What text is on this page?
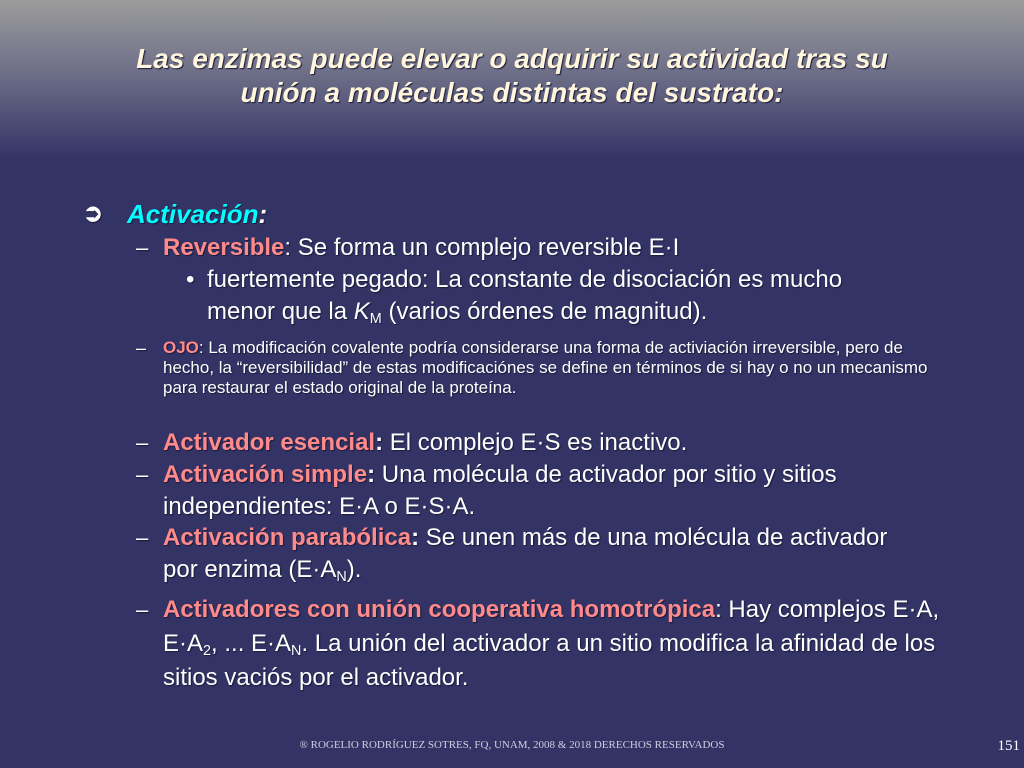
Las enzimas puede elevar o adquirir su actividad tras su
unión a moléculas distintas del sustrato:
➲ Activación:
– Reversible: Se forma un complejo reversible E·I
• fuertemente pegado: La constante de disociación es mucho menor que la $K_M$ (varios órdenes de magnitud).
– OJO: La modificación covalente podría considerarse una forma de activiación irreversible, pero de hecho, la “reversibilidad” de estas modificaciónes se define en términos de si hay o no un mecanismo para restaurar el estado original de la proteína.
– Activador esencial: El complejo E·S es inactivo.
– Activación simple: Una molécula de activador por sitio y sitios independientes: E·A o E·S·A.
– Activación parabólica: Se unen más de una molécula de activador por enzima $(E\cdot A_N)$.
– Activadores con unión cooperativa homotrópica: Hay complejos E·A, $E\cdot A_2$, ... $E\cdot A_N$. La unión del activador a un sitio modifica la afinidad de los sitios vaciós por el activador.
® ROGELIO RODRÍGUEZ SOTRES, FQ, UNAM, 2008 & 2018 DERECHOS RESERVADOS	151
